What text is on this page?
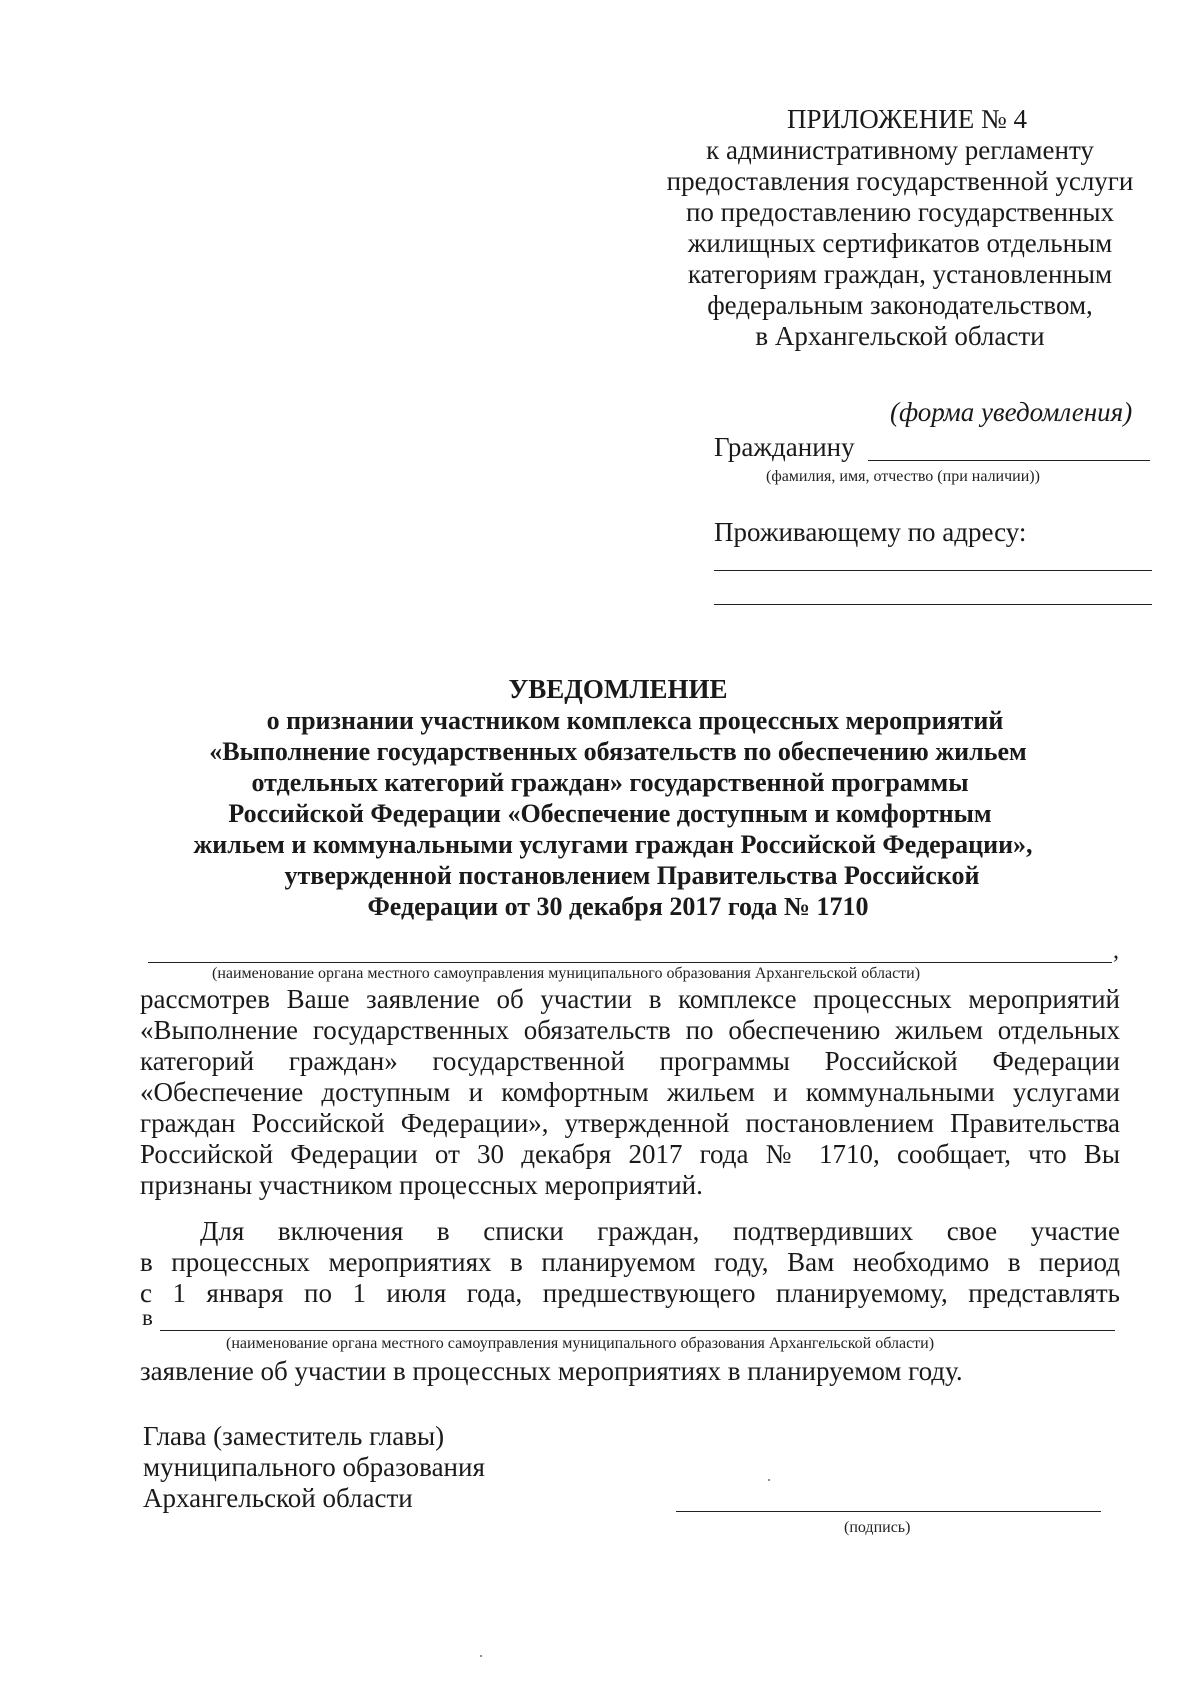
ПРИЛОЖЕНИЕ № 4
к административному регламенту
предоставления государственной услуги
по предоставлению государственных
жилищных сертификатов отдельным
категориям граждан, установленным
федеральным законодательством,
в Архангельской области
(форма уведомления)
Гражданину
(фамилия, имя, отчество (при наличии))
Проживающему по адресу:
УВЕДОМЛЕНИЕ
о признании участником комплекса процессных мероприятий
«Выполнение государственных обязательств по обеспечению жильем
отдельных категорий граждан» государственной программы
Российской Федерации «Обеспечение доступным и комфортным
жильем и коммунальными услугами граждан Российской Федерации»,
утвержденной постановлением Правительства Российской
Федерации от 30 декабря 2017 года № 1710
,
(наименование органа местного самоуправления муниципального образования Архангельской области)
рассмотрев Ваше заявление об участии в комплексе процессных мероприятий
«Выполнение государственных обязательств по обеспечению жильем отдельных
категорий граждан» государственной программы Российской Федерации
«Обеспечение доступным и комфортным жильем и коммунальными услугами
граждан Российской Федерации», утвержденной постановлением Правительства
Российской Федерации от 30 декабря 2017 года № 1710, сообщает, что Вы
признаны участником процессных мероприятий.
Для включения в списки граждан, подтвердивших свое участие
в процессных мероприятиях в планируемом году, Вам необходимо в период
с 1 января по 1 июля года, предшествующего планируемому, представлять
в
(наименование органа местного самоуправления муниципального образования Архангельской области)
заявление об участии в процессных мероприятиях в планируемом году.
Глава (заместитель главы)
муниципального образования
Архангельской области
(подпись)
